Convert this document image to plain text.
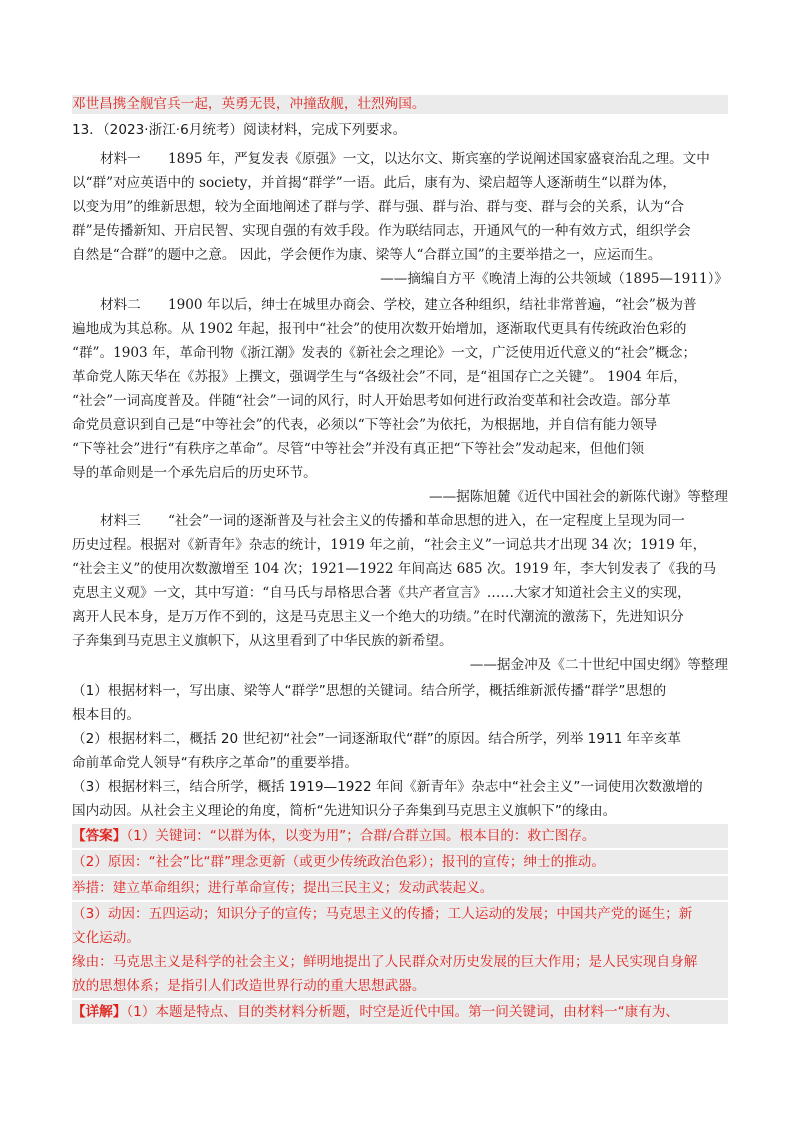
邓世昌携全舰官兵一起，英勇无畏，冲撞敌舰，壮烈殉国。
13．（2023·浙江·6月统考）阅读材料，完成下列要求。
材料一　　1895 年，严复发表《原强》一文，以达尔文、斯宾塞的学说阐述国家盛衰治乱之理。文中
以“群”对应英语中的 society，并首揭“群学”一语。此后，康有为、梁启超等人逐渐萌生“以群为体，
以变为用”的维新思想，较为全面地阐述了群与学、群与强、群与治、群与变、群与会的关系，认为“合
群”是传播新知、开启民智、实现自强的有效手段。作为联结同志，开通风气的一种有效方式，组织学会
自然是“合群”的题中之意。 因此，学会便作为康、梁等人“合群立国”的主要举措之一，应运而生。
——摘编自方平《晚清上海的公共领域（1895—1911）》
材料二　　1900 年以后，绅士在城里办商会、学校，建立各种组织，结社非常普遍，“社会”极为普
遍地成为其总称。从 1902 年起，报刊中“社会”的使用次数开始增加，逐渐取代更具有传统政治色彩的
“群”。1903 年，革命刊物《浙江潮》发表的《新社会之理论》一文，广泛使用近代意义的“社会”概念；
革命党人陈天华在《苏报》上撰文，强调学生与“各级社会”不同，是“祖国存亡之关键”。 1904 年后，
“社会”一词高度普及。伴随“社会”一词的风行，时人开始思考如何进行政治变革和社会改造。部分革
命党员意识到自己是“中等社会”的代表，必须以“下等社会”为依托，为根据地，并自信有能力领导
“下等社会”进行“有秩序之革命”。尽管“中等社会”并没有真正把“下等社会”发动起来，但他们领
导的革命则是一个承先启后的历史环节。
——据陈旭麓《近代中国社会的新陈代谢》等整理
材料三　　“社会”一词的逐渐普及与社会主义的传播和革命思想的进入，在一定程度上呈现为同一
历史过程。根据对《新青年》杂志的统计，1919 年之前，“社会主义”一词总共才出现 34 次；1919 年，
“社会主义”的使用次数激增至 104 次；1921—1922 年间高达 685 次。1919 年，李大钊发表了《我的马
克思主义观》一文，其中写道：“自马氏与昂格思合著《共产者宣言》……大家才知道社会主义的实现，
离开人民本身，是万万作不到的，这是马克思主义一个绝大的功绩。”在时代潮流的激荡下，先进知识分
子奔集到马克思主义旗帜下，从这里看到了中华民族的新希望。
——据金冲及《二十世纪中国史纲》等整理
（1）根据材料一，写出康、梁等人“群学”思想的关键词。结合所学，概括维新派传播“群学”思想的
根本目的。
（2）根据材料二，概括 20 世纪初“社会”一词逐渐取代“群”的原因。结合所学，列举 1911 年辛亥革
命前革命党人领导“有秩序之革命”的重要举措。
（3）根据材料三，结合所学，概括 1919—1922 年间《新青年》杂志中“社会主义”一词使用次数激增的
国内动因。从社会主义理论的角度，简析“先进知识分子奔集到马克思主义旗帜下”的缘由。
【答案】（1）关键词：“以群为体，以变为用”；合群/合群立国。根本目的：救亡图存。
（2）原因：“社会”比“群”理念更新（或更少传统政治色彩）；报刊的宣传；绅士的推动。
举措：建立革命组织；进行革命宣传；提出三民主义；发动武装起义。
（3）动因：五四运动；知识分子的宣传；马克思主义的传播；工人运动的发展；中国共产党的诞生；新
文化运动。
缘由：马克思主义是科学的社会主义；鲜明地提出了人民群众对历史发展的巨大作用；是人民实现自身解
放的思想体系；是指引人们改造世界行动的重大思想武器。
【详解】（1）本题是特点、目的类材料分析题，时空是近代中国。第一问关键词，由材料一“康有为、
